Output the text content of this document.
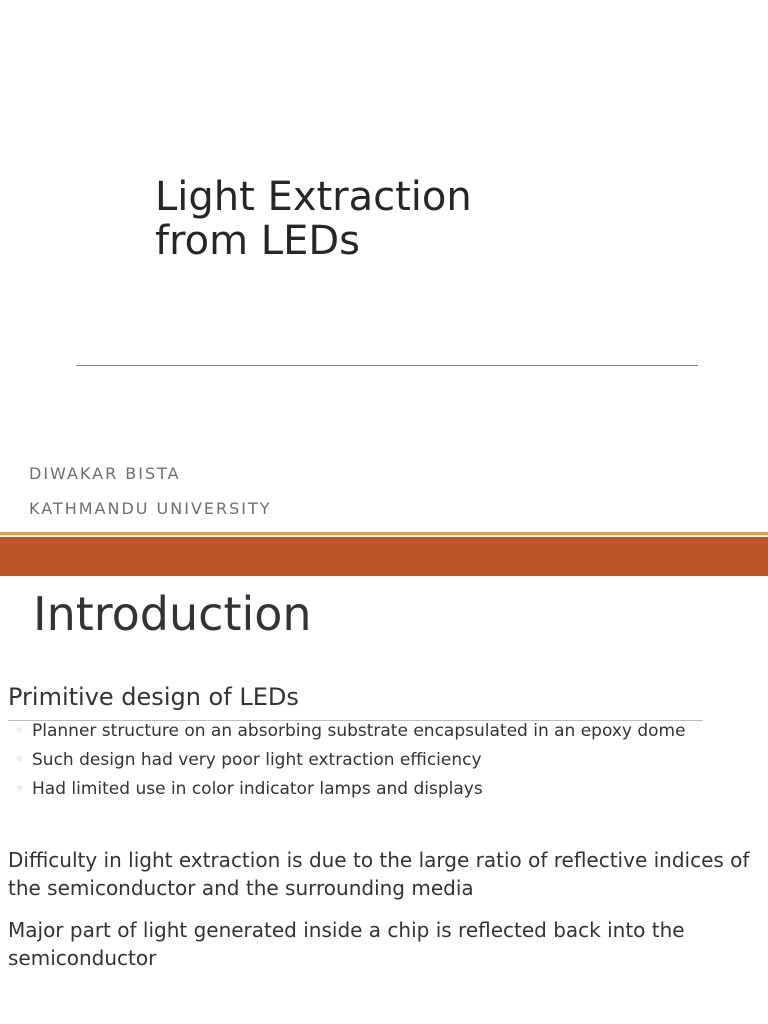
Light Extraction
from LEDs

DIWAKAR BISTA

KATHMANDU UNIVERSITY

Introduction
Primitive design of LEDs
◦ Planner structure on an absorbing substrate encapsulated in an epoxy dome
◦ Such design had very poor light extraction efficiency
◦ Had limited use in color indicator lamps and displays

Difficulty in light extraction is due to the large ratio of reflective indices of the semiconductor and the surrounding media

Major part of light generated inside a chip is reflected back into the semiconductor
